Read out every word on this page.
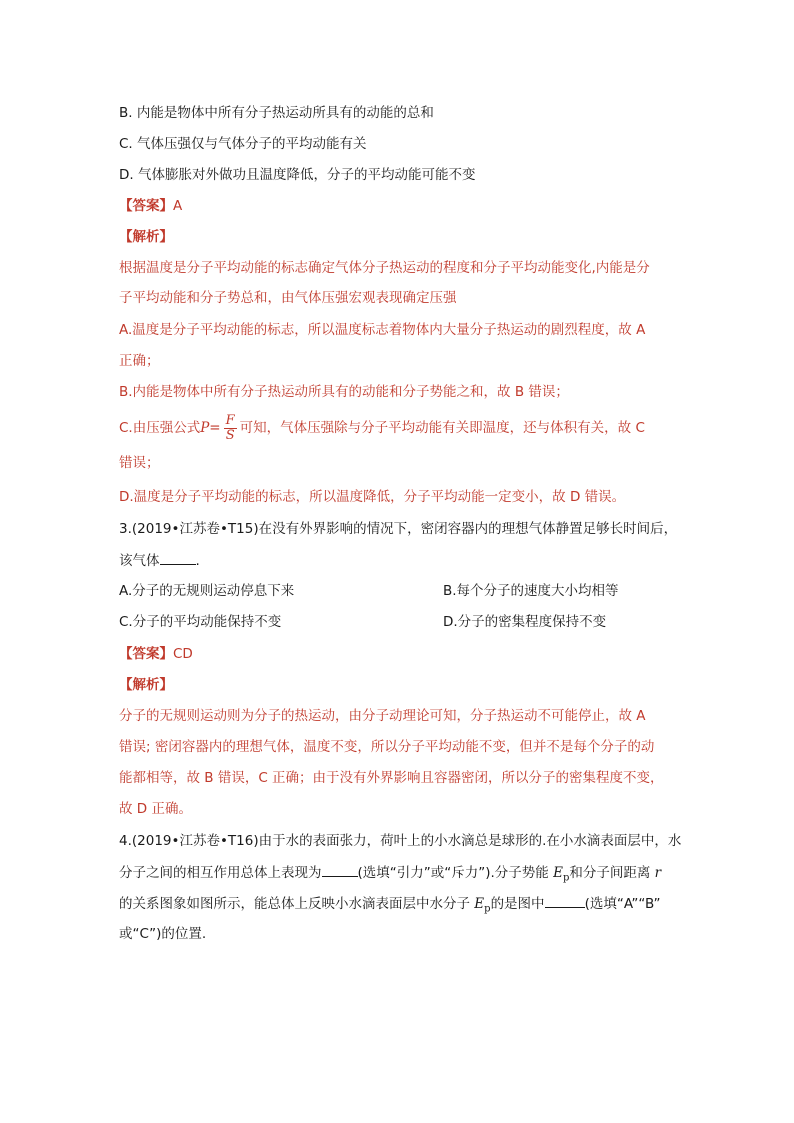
B. 内能是物体中所有分子热运动所具有的动能的总和
C. 气体压强仅与气体分子的平均动能有关
D. 气体膨胀对外做功且温度降低，分子的平均动能可能不变
【答案】A
【解析】
根据温度是分子平均动能的标志确定气体分子热运动的程度和分子平均动能变化,内能是分
子平均动能和分子势总和，由气体压强宏观表现确定压强
A.温度是分子平均动能的标志，所以温度标志着物体内大量分子热运动的剧烈程度，故 A
正确；
B.内能是物体中所有分子热运动所具有的动能和分子势能之和，故 B 错误；
C.由压强公式$P= \frac{F}{S}$ 可知，气体压强除与分子平均动能有关即温度，还与体积有关，故 C
错误；
D.温度是分子平均动能的标志，所以温度降低，分子平均动能一定变小，故 D 错误。
3.(2019•江苏卷•T15)在没有外界影响的情况下，密闭容器内的理想气体静置足够长时间后，
该气体	.
A.分子的无规则运动停息下来	B.每个分子的速度大小均相等
C.分子的平均动能保持不变	D.分子的密集程度保持不变
【答案】CD
【解析】
分子的无规则运动则为分子的热运动，由分子动理论可知，分子热运动不可能停止，故 A
错误; 密闭容器内的理想气体，温度不变，所以分子平均动能不变，但并不是每个分子的动
能都相等，故 B 错误，C 正确；由于没有外界影响且容器密闭，所以分子的密集程度不变，
故 D 正确。
4.(2019•江苏卷•T16)由于水的表面张力，荷叶上的小水滴总是球形的.在小水滴表面层中，水
分子之间的相互作用总体上表现为	(选填“引力”或“斥力”).分子势能 $E_p$和分子间距离 r
的关系图象如图所示，能总体上反映小水滴表面层中水分子 $E_p$的是图中	(选填“A”“B”
或“C”)的位置.
